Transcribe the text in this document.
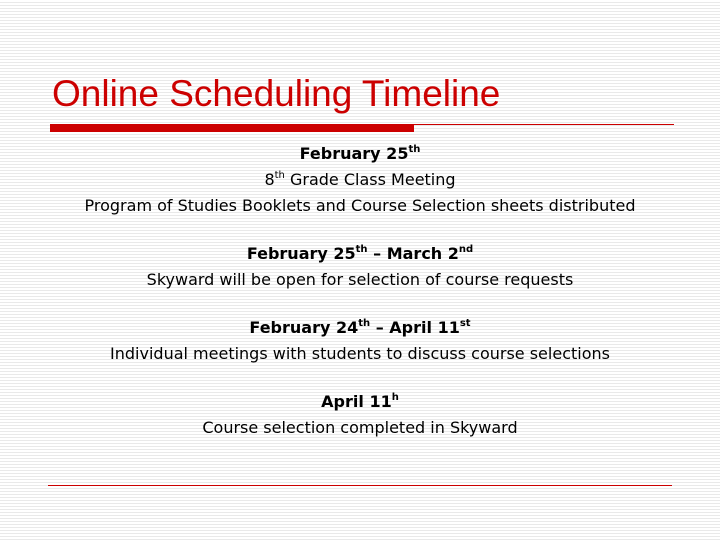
Online Scheduling Timeline
February 25th
8th Grade Class Meeting
Program of Studies Booklets and Course Selection sheets distributed
February 25th – March 2nd
Skyward will be open for selection of course requests
February 24th – April 11st
Individual meetings with students to discuss course selections
April 11$^h$
Course selection completed in Skyward
